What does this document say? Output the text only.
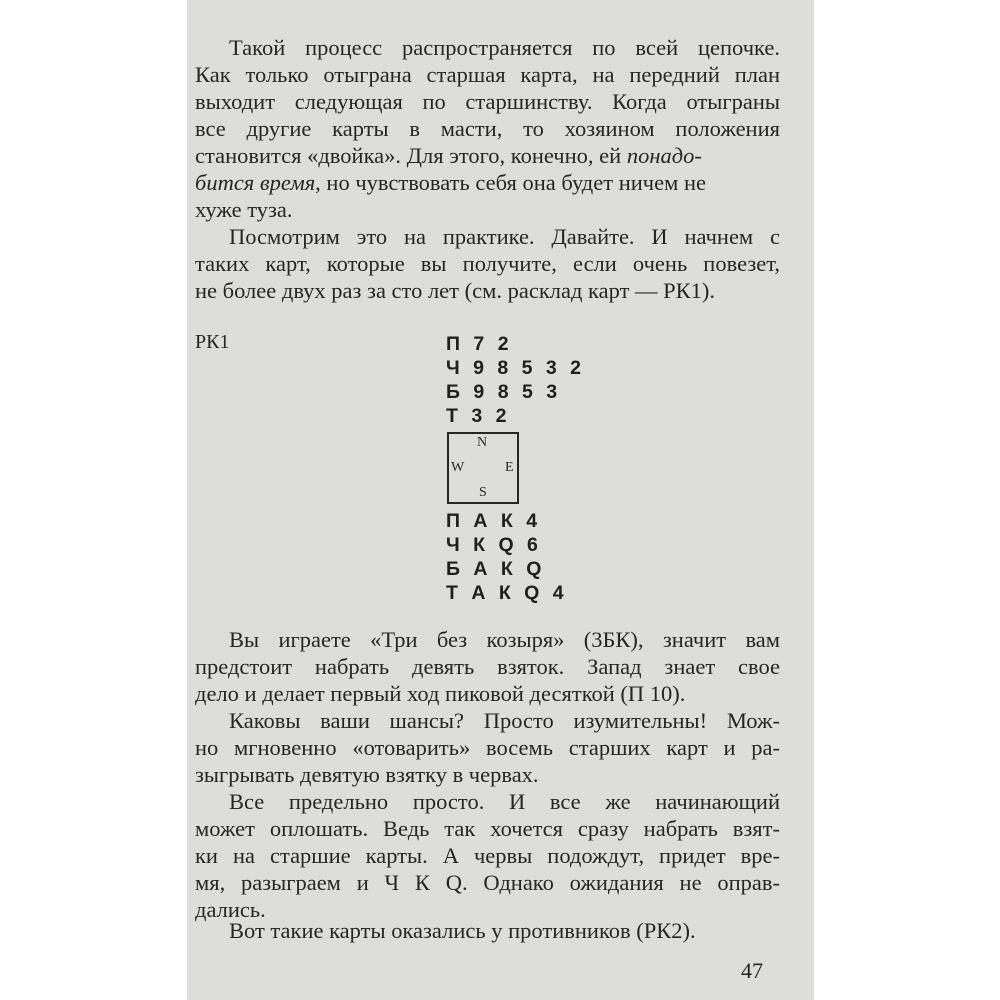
Такой процесс распространяется по всей цепочке.
Как только отыграна старшая карта, на передний план
выходит следующая по старшинству. Когда отыграны
все другие карты в масти, то хозяином положения
становится «двойка». Для этого, конечно, ей понадо-
бится время, но чувствовать себя она будет ничем не
хуже туза.
Посмотрим это на практике. Давайте. И начнем с
таких карт, которые вы получите, если очень повезет,
не более двух раз за сто лет (см. расклад карт — РК1).
РК1	П 7 2
Ч 9 8 5 3 2
Б 9 8 5 3
Т 3 2
N
W	E
S
П А К 4
Ч К Q 6
Б А К Q
Т А К Q 4
Вы играете «Три без козыря» (3БК), значит вам
предстоит набрать девять взяток. Запад знает свое
дело и делает первый ход пиковой десяткой (П 10).
Каковы ваши шансы? Просто изумительны! Мож-
но мгновенно «отоварить» восемь старших карт и ра-
зыгрывать девятую взятку в червах.
Все предельно просто. И все же начинающий
может оплошать. Ведь так хочется сразу набрать взят-
ки на старшие карты. А червы подождут, придет вре-
мя, разыграем и Ч К Q. Однако ожидания не оправ-
дались.
Вот такие карты оказались у противников (РК2).
47
